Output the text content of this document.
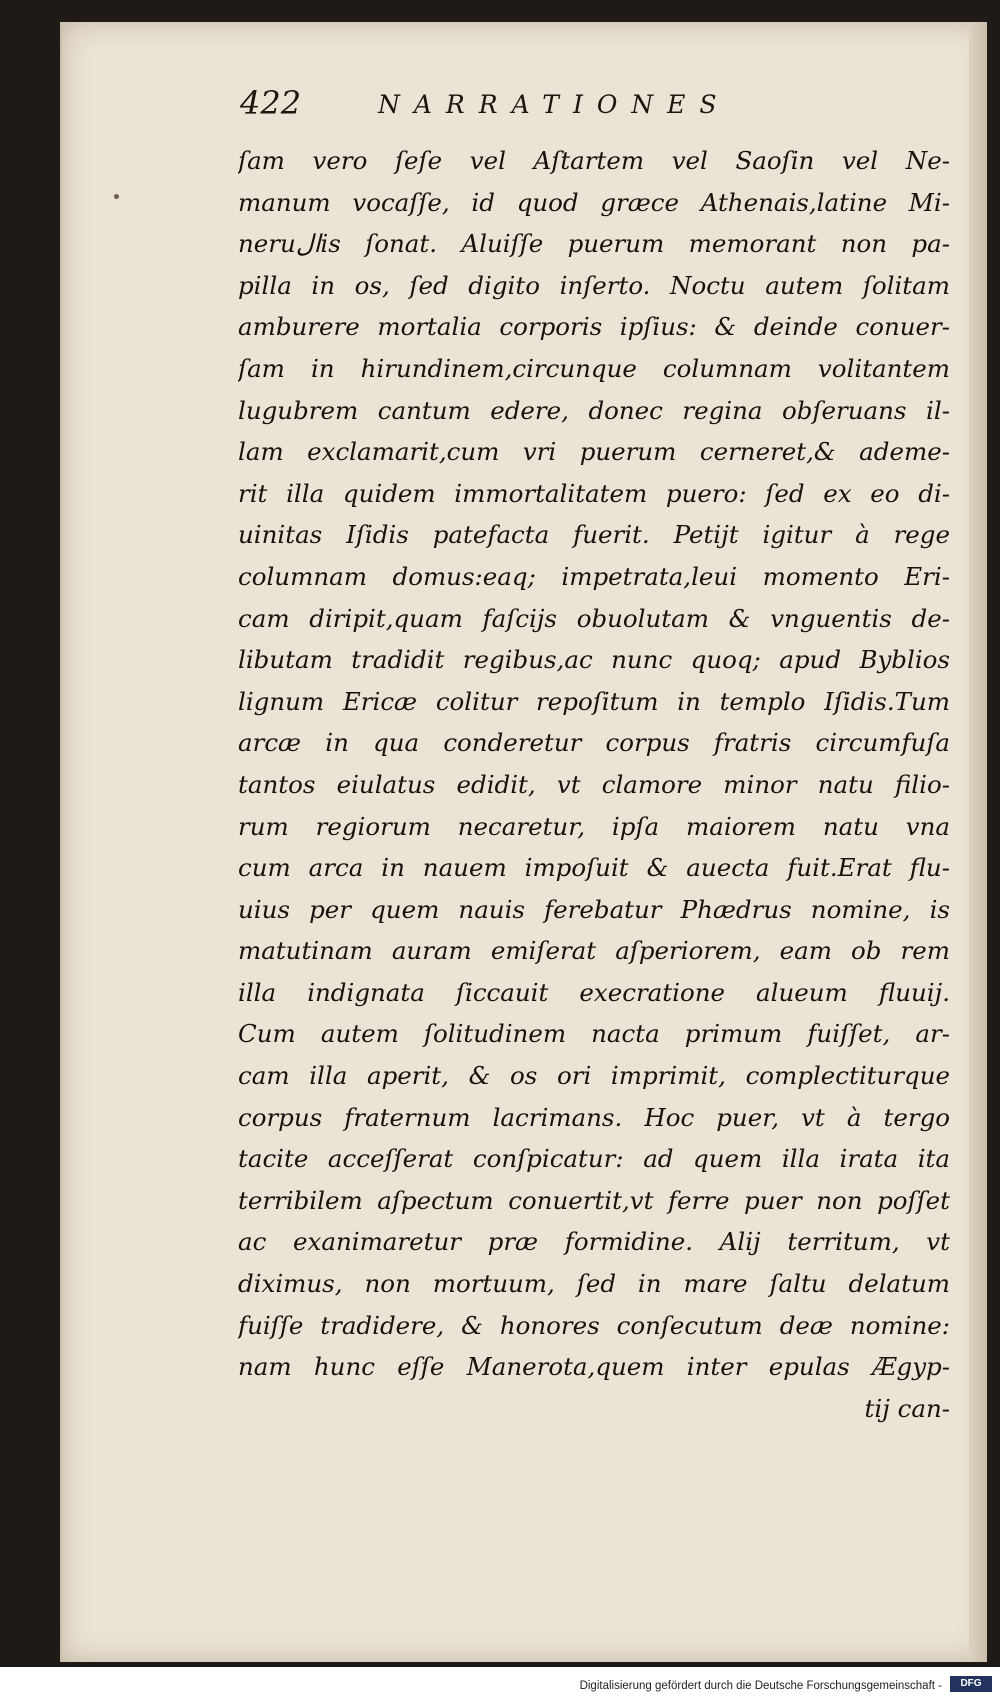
422	NARRATIONES
ſam vero ſeſe vel Aſtartem vel Saoſin vel Ne-
manum vocaſſe, id quod græce Athenais,latine Mi-
neruالis ſonat. Aluiſſe puerum memorant non pa-
pilla in os, ſed digito inſerto. Noctu autem ſolitam
amburere mortalia corporis ipſius: & deinde conuer-
ſam in hirundinem,circunque columnam volitantem
lugubrem cantum edere, donec regina obſeruans il-
lam exclamarit,cum vri puerum cerneret,& ademe-
rit illa quidem immortalitatem puero: ſed ex eo di-
uinitas Iſidis patefacta fuerit. Petijt igitur à rege
columnam domus:eaq; impetrata,leui momento Eri-
cam diripit,quam faſcijs obuolutam & vnguentis de-
libutam tradidit regibus,ac nunc quoq; apud Byblios
lignum Ericæ colitur repoſitum in templo Iſidis.Tum
arcæ in qua conderetur corpus fratris circumfuſa
tantos eiulatus edidit, vt clamore minor natu filio-
rum regiorum necaretur, ipſa maiorem natu vna
cum arca in nauem impoſuit & auecta fuit.Erat flu-
uius per quem nauis ferebatur Phædrus nomine, is
matutinam auram emiſerat aſperiorem, eam ob rem
illa indignata ſiccauit execratione alueum fluuij.
Cum autem ſolitudinem nacta primum fuiſſet, ar-
cam illa aperit, & os ori imprimit, complectiturque
corpus fraternum lacrimans. Hoc puer, vt à tergo
tacite acceſſerat conſpicatur: ad quem illa irata ita
terribilem aſpectum conuertit,vt ferre puer non poſſet
ac exanimaretur præ formidine. Alij territum, vt
diximus, non mortuum, ſed in mare ſaltu delatum
fuiſſe tradidere, & honores conſecutum deæ nomine:
nam hunc eſſe Manerota,quem inter epulas Ægyp-
tij can-
Digitalisierung gefördert durch die Deutsche Forschungsgemeinschaft -	DFG
